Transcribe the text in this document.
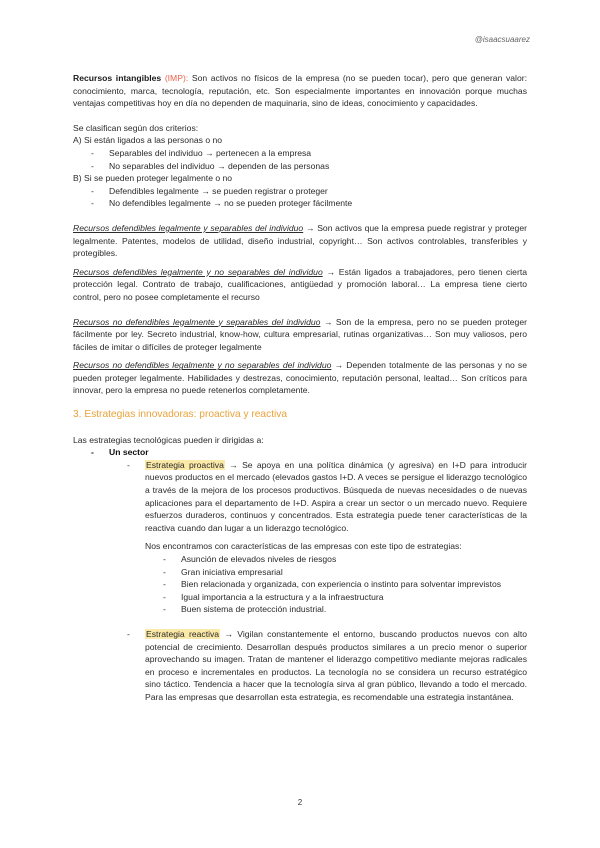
@isaacsuaarez

Recursos intangibles (IMP): Son activos no físicos de la empresa (no se pueden tocar), pero que generan valor: conocimiento, marca, tecnología, reputación, etc. Son especialmente importantes en innovación porque muchas ventajas competitivas hoy en día no dependen de maquinaria, sino de ideas, conocimiento y capacidades.

Se clasifican según dos criterios:

A) Si están ligados a las personas o no

- Separables del individuo → pertenecen a la empresa
- No separables del individuo → dependen de las personas

B) Si se pueden proteger legalmente o no

- Defendibles legalmente → se pueden registrar o proteger
- No defendibles legalmente → no se pueden proteger fácilmente

Recursos defendibles legalmente y separables del individuo → Son activos que la empresa puede registrar y proteger legalmente. Patentes, modelos de utilidad, diseño industrial, copyright… Son activos controlables, transferibles y protegibles.

Recursos defendibles legalmente y no separables del individuo → Están ligados a trabajadores, pero tienen cierta protección legal. Contrato de trabajo, cualificaciones, antigüedad y promoción laboral… La empresa tiene cierto control, pero no posee completamente el recurso

Recursos no defendibles legalmente y separables del individuo → Son de la empresa, pero no se pueden proteger fácilmente por ley. Secreto industrial, know-how, cultura empresarial, rutinas organizativas… Son muy valiosos, pero fáciles de imitar o difíciles de proteger legalmente

Recursos no defendibles legalmente y no separables del individuo → Dependen totalmente de las personas y no se pueden proteger legalmente. Habilidades y destrezas, conocimiento, reputación personal, lealtad… Son críticos para innovar, pero la empresa no puede retenerlos completamente.

3. Estrategias innovadoras: proactiva y reactiva

Las estrategias tecnológicas pueden ir dirigidas a:

- Un sector
- Estrategia proactiva → Se apoya en una política dinámica (y agresiva) en I+D para introducir nuevos productos en el mercado (elevados gastos I+D. A veces se persigue el liderazgo tecnológico a través de la mejora de los procesos productivos. Búsqueda de nuevas necesidades o de nuevas aplicaciones para el departamento de I+D. Aspira a crear un sector o un mercado nuevo. Requiere esfuerzos duraderos, continuos y concentrados. Esta estrategia puede tener características de la reactiva cuando dan lugar a un liderazgo tecnológico.

Nos encontramos con características de las empresas con este tipo de estrategias:

- Asunción de elevados niveles de riesgos
- Gran iniciativa empresarial
- Bien relacionada y organizada, con experiencia o instinto para solventar imprevistos
- Igual importancia a la estructura y a la infraestructura
- Buen sistema de protección industrial.
- Estrategia reactiva → Vigilan constantemente el entorno, buscando productos nuevos con alto potencial de crecimiento. Desarrollan después productos similares a un precio menor o superior aprovechando su imagen. Tratan de mantener el liderazgo competitivo mediante mejoras radicales en proceso e incrementales en productos. La tecnología no se considera un recurso estratégico sino táctico. Tendencia a hacer que la tecnología sirva al gran público, llevando a todo el mercado. Para las empresas que desarrollan esta estrategia, es recomendable una estrategia instantánea.

2
